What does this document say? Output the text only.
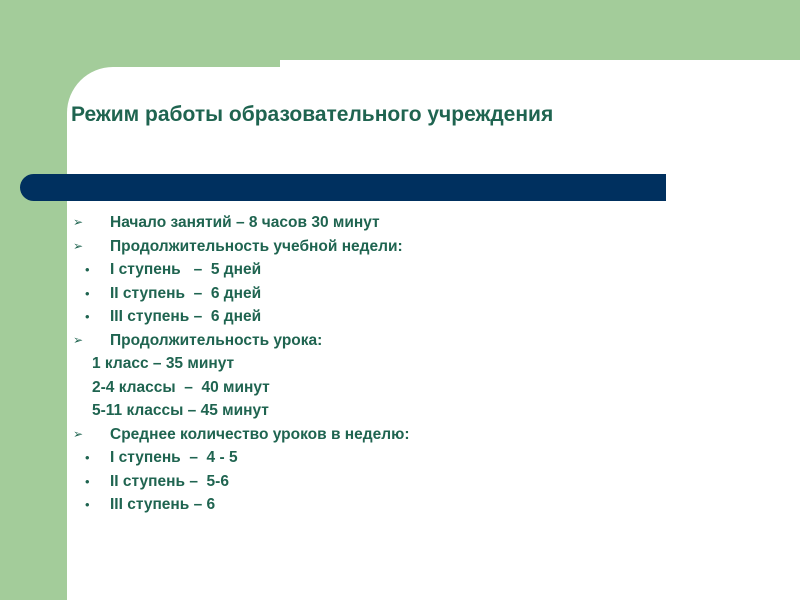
Режим работы образовательного учреждения
➢ Начало занятий – 8 часов 30 минут
➢ Продолжительность учебной недели:
• I ступень   –  5 дней
• II ступень  –  6 дней
• III ступень –  6 дней
➢ Продолжительность урока:
1 класс – 35 минут
2-4 классы  –  40 минут
5-11 классы – 45 минут
➢ Среднее количество уроков в неделю:
• I ступень  –  4 - 5
• II ступень –  5-6
• III ступень – 6
